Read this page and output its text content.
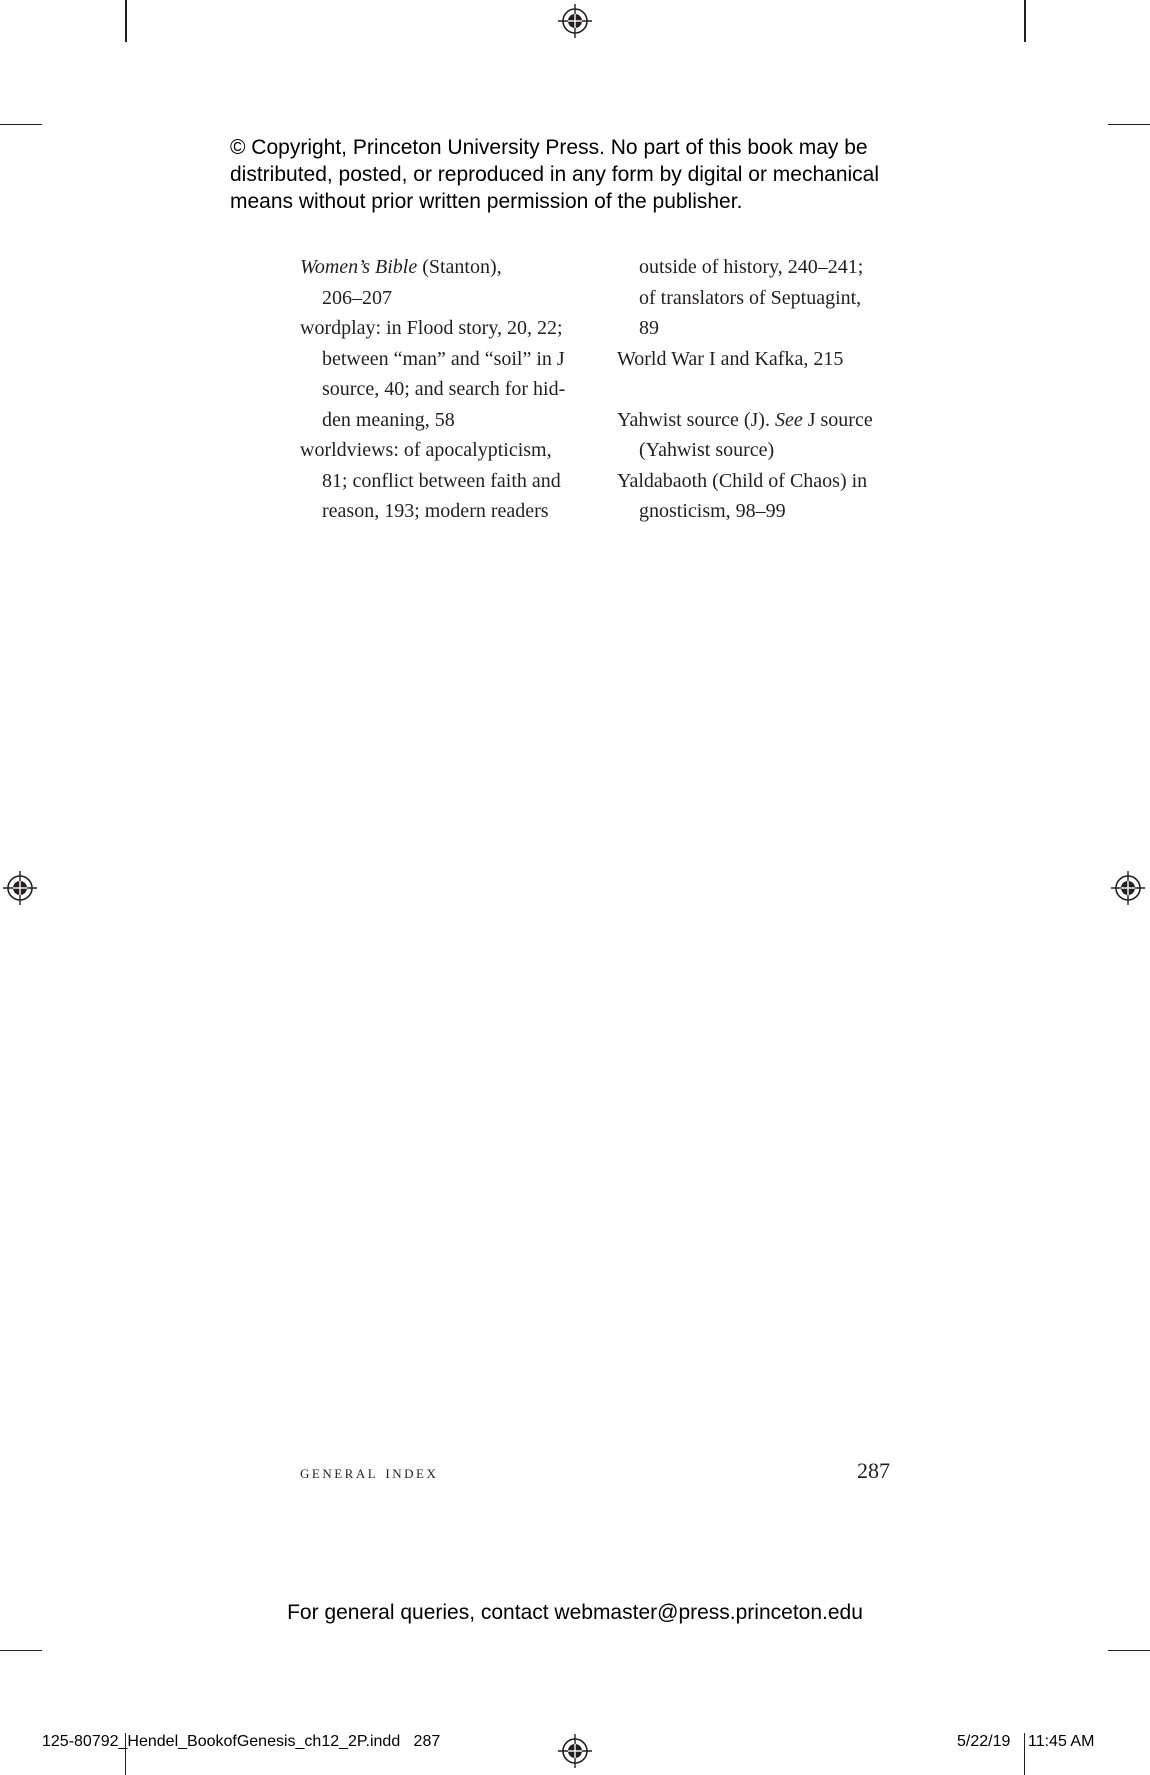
© Copyright, Princeton University Press. No part of this book may be
distributed, posted, or reproduced in any form by digital or mechanical
means without prior written permission of the publisher.
Women’s Bible (Stanton),
206–207
wordplay: in Flood story, 20, 22;
between “man” and “soil” in J
source, 40; and search for hid-
den meaning, 58
worldviews: of apocalypticism,
81; conflict between faith and
reason, 193; modern readers
outside of history, 240–241;
of translators of Septuagint,
89
World War I and Kafka, 215
Yahwist source (J). See J source
(Yahwist source)
Yaldabaoth (Child of Chaos) in
gnosticism, 98–99
general index	287
For general queries, contact webmaster@press.princeton.edu
125-80792_Hendel_BookofGenesis_ch12_2P.indd   287	5/22/19 11:45 AM
